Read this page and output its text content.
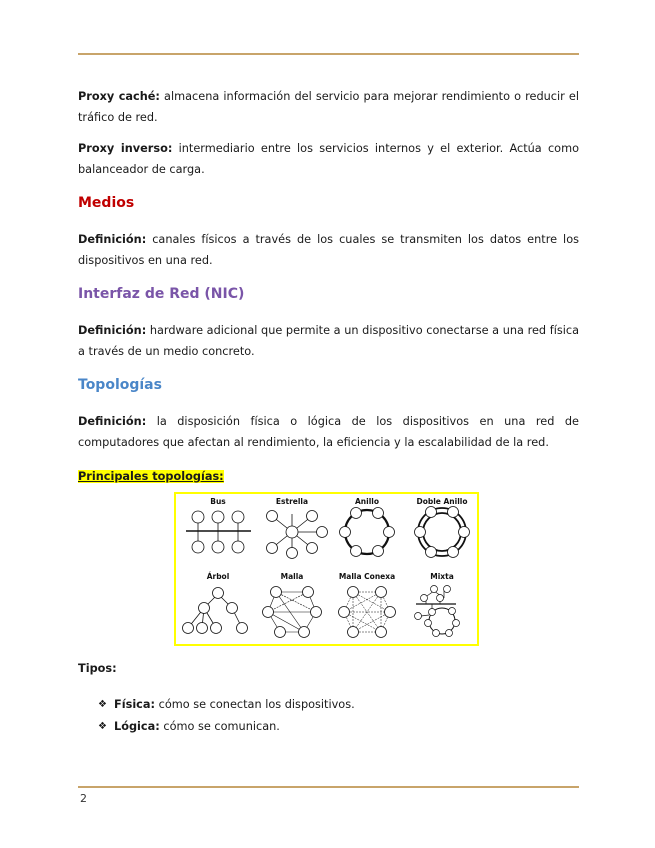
Proxy caché: almacena información del servicio para mejorar rendimiento o reducir el tráfico de red.

Proxy inverso: intermediario entre los servicios internos y el exterior. Actúa como balanceador de carga.

Medios

Definición: canales físicos a través de los cuales se transmiten los datos entre los dispositivos en una red.

Interfaz de Red (NIC)

Definición: hardware adicional que permite a un dispositivo conectarse a una red física a través de un medio concreto.

Topologías

Definición: la disposición física o lógica de los dispositivos en una red de computadores que afectan al rendimiento, la eficiencia y la escalabilidad de la red.

Principales topologías:
Bus	Estrella	Anillo	Doble Anillo
Árbol	Malla	Malla Conexa	Mixta
Tipos:
❖ Física: cómo se conectan los dispositivos.
❖ Lógica: cómo se comunican.
2
